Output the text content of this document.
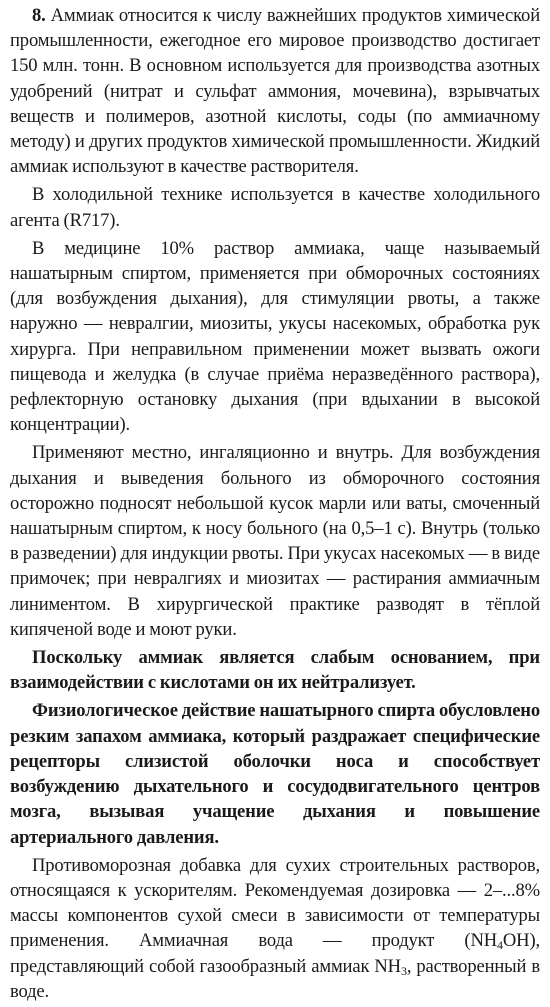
8. Аммиак относится к числу важнейших продуктов химической промышленности, ежегодное его мировое производство достигает 150 млн. тонн. В основном используется для производства азотных удобрений (нитрат и сульфат аммония, мочевина), взрывчатых веществ и полимеров, азотной кислоты, соды (по аммиачному методу) и других продуктов химической промышленности. Жидкий аммиак используют в качестве растворителя.

В холодильной технике используется в качестве холодильного агента (R717).

В медицине 10% раствор аммиака, чаще называемый нашатырным спиртом, применяется при обморочных состояниях (для возбуждения дыхания), для стимуляции рвоты, а также наружно — невралгии, миозиты, укусы насекомых, обработка рук хирурга. При неправильном применении может вызвать ожоги пищевода и желудка (в случае приёма неразведённого раствора), рефлекторную остановку дыхания (при вдыхании в высокой концентрации).

Применяют местно, ингаляционно и внутрь. Для возбуждения дыхания и выведения больного из обморочного состояния осторожно подносят небольшой кусок марли или ваты, смоченный нашатырным спиртом, к носу больного (на 0,5–1 с). Внутрь (только в разведении) для индукции рвоты. При укусах насекомых — в виде примочек; при невралгиях и миозитах — растирания аммиачным линиментом. В хирургической практике разводят в тёплой кипяченой воде и моют руки.

Поскольку аммиак является слабым основанием, при взаимодействии с кислотами он их нейтрализует.

Физиологическое действие нашатырного спирта обусловлено резким запахом аммиака, который раздражает специфические рецепторы слизистой оболочки носа и способствует возбуждению дыхательного и сосудодвигательного центров мозга, вызывая учащение дыхания и повышение артериального давления.

Противоморозная добавка для сухих строительных растворов, относящаяся к ускорителям. Рекомендуемая дозировка — 2–...8% массы компонентов сухой смеси в зависимости от температуры применения. Аммиачная вода — продукт $(NH_4OH)$, представляющий собой газообразный аммиак $NH_3$, растворенный в воде.
